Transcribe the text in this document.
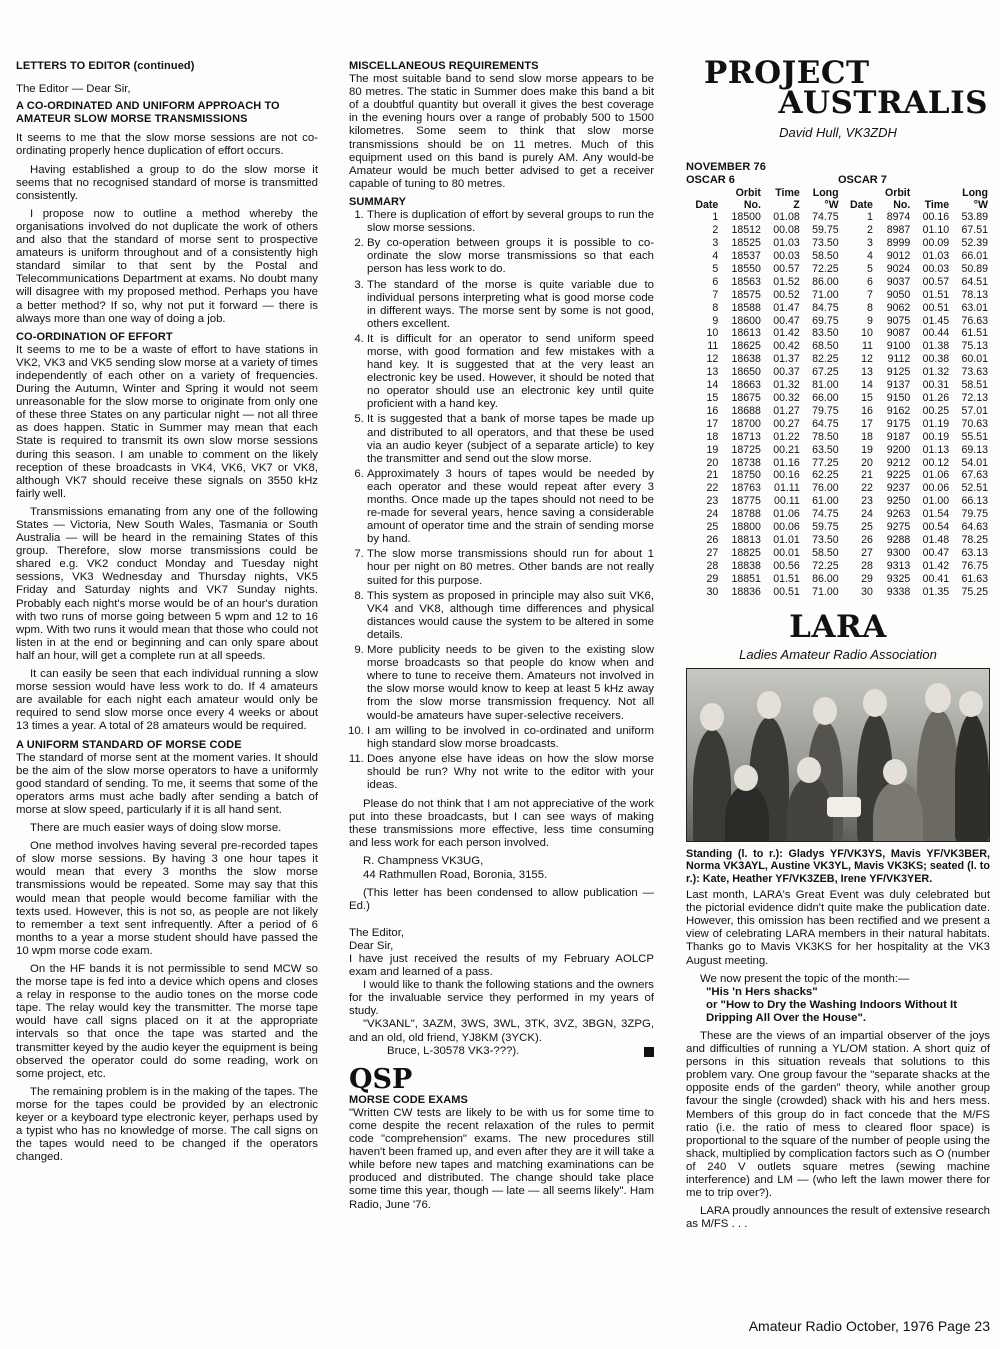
LETTERS TO EDITOR (continued)

The Editor — Dear Sir,

A CO-ORDINATED AND UNIFORM APPROACH TO AMATEUR SLOW MORSE TRANSMISSIONS

It seems to me that the slow morse sessions are not co-ordinating properly hence duplication of effort occurs.

Having established a group to do the slow morse it seems that no recognised standard of morse is transmitted consistently.

I propose now to outline a method whereby the organisations involved do not duplicate the work of others and also that the standard of morse sent to prospective amateurs is uniform throughout and of a consistently high standard similar to that sent by the Postal and Telecommunications Department at exams. No doubt many will disagree with my proposed method. Perhaps you have a better method? If so, why not put it forward — there is always more than one way of doing a job.

CO-ORDINATION OF EFFORT

It seems to me to be a waste of effort to have stations in VK2, VK3 and VK5 sending slow morse at a variety of times independently of each other on a variety of frequencies. During the Autumn, Winter and Spring it would not seem unreasonable for the slow morse to originate from only one of these three States on any particular night — not all three as does happen. Static in Summer may mean that each State is required to transmit its own slow morse sessions during this season. I am unable to comment on the likely reception of these broadcasts in VK4, VK6, VK7 or VK8, although VK7 should receive these signals on 3550 kHz fairly well.

Transmissions emanating from any one of the following States — Victoria, New South Wales, Tasmania or South Australia — will be heard in the remaining States of this group. Therefore, slow morse transmissions could be shared e.g. VK2 conduct Monday and Tuesday night sessions, VK3 Wednesday and Thursday nights, VK5 Friday and Saturday nights and VK7 Sunday nights. Probably each night's morse would be of an hour's duration with two runs of morse going between 5 wpm and 12 to 16 wpm. With two runs it would mean that those who could not listen in at the end or beginning and can only spare about half an hour, will get a complete run at all speeds.

It can easily be seen that each individual running a slow morse session would have less work to do. If 4 amateurs are available for each night each amateur would only be required to send slow morse once every 4 weeks or about 13 times a year. A total of 28 amateurs would be required.

A UNIFORM STANDARD OF MORSE CODE

The standard of morse sent at the moment varies. It should be the aim of the slow morse operators to have a uniformly good standard of sending. To me, it seems that some of the operators arms must ache badly after sending a batch of morse at slow speed, particularly if it is all hand sent.

There are much easier ways of doing slow morse.

One method involves having several pre-recorded tapes of slow morse sessions. By having 3 one hour tapes it would mean that every 3 months the slow morse transmissions would be repeated. Some may say that this would mean that people would become familiar with the texts used. However, this is not so, as people are not likely to remember a text sent infrequently. After a period of 6 months to a year a morse student should have passed the 10 wpm morse code exam.

On the HF bands it is not permissible to send MCW so the morse tape is fed into a device which opens and closes a relay in response to the audio tones on the morse code tape. The relay would key the transmitter. The morse tape would have call signs placed on it at the appropriate intervals so that once the tape was started and the transmitter keyed by the audio keyer the equipment is being observed the operator could do some reading, work on some project, etc.

The remaining problem is in the making of the tapes. The morse for the tapes could be provided by an electronic keyer or a keyboard type electronic keyer, perhaps used by a typist who has no knowledge of morse. The call signs on the tapes would need to be changed if the operators changed.

MISCELLANEOUS REQUIREMENTS

The most suitable band to send slow morse appears to be 80 metres. The static in Summer does make this band a bit of a doubtful quantity but overall it gives the best coverage in the evening hours over a range of probably 500 to 1500 kilometres. Some seem to think that slow morse transmissions should be on 11 metres. Much of this equipment used on this band is purely AM. Any would-be Amateur would be much better advised to get a receiver capable of tuning to 80 metres.

SUMMARY
1. There is duplication of effort by several groups to run the slow morse sessions.
2. By co-operation between groups it is possible to co-ordinate the slow morse transmissions so that each person has less work to do.
3. The standard of the morse is quite variable due to individual persons interpreting what is good morse code in different ways. The morse sent by some is not good, others excellent.
4. It is difficult for an operator to send uniform speed morse, with good formation and few mistakes with a hand key. It is suggested that at the very least an electronic key be used. However, it should be noted that no operator should use an electronic key until quite proficient with a hand key.
5. It is suggested that a bank of morse tapes be made up and distributed to all operators, and that these be used via an audio keyer (subject of a separate article) to key the transmitter and send out the slow morse.
6. Approximately 3 hours of tapes would be needed by each operator and these would repeat after every 3 months. Once made up the tapes should not need to be re-made for several years, hence saving a considerable amount of operator time and the strain of sending morse by hand.
7. The slow morse transmissions should run for about 1 hour per night on 80 metres. Other bands are not really suited for this purpose.
8. This system as proposed in principle may also suit VK6, VK4 and VK8, although time differences and physical distances would cause the system to be altered in some details.
9. More publicity needs to be given to the existing slow morse broadcasts so that people do know when and where to tune to receive them. Amateurs not involved in the slow morse would know to keep at least 5 kHz away from the slow morse transmission frequency. Not all would-be amateurs have super-selective receivers.
10. I am willing to be involved in co-ordinated and uniform high standard slow morse broadcasts.
11. Does anyone else have ideas on how the slow morse should be run? Why not write to the editor with your ideas.

Please do not think that I am not appreciative of the work put into these broadcasts, but I can see ways of making these transmissions more effective, less time consuming and less work for each person involved.

R. Champness VK3UG,

44 Rathmullen Road, Boronia, 3155.

(This letter has been condensed to allow publication — Ed.)

The Editor,

Dear Sir,

I have just received the results of my February AOLCP exam and learned of a pass.

I would like to thank the following stations and the owners for the invaluable service they performed in my years of study.

"VK3ANL", 3AZM, 3WS, 3WL, 3TK, 3VZ, 3BGN, 3ZPG, and an old, old friend, YJ8KM (3YCK).

Bruce, L-30578 VK3-???).

QSP
MORSE CODE EXAMS

"Written CW tests are likely to be with us for some time to come despite the recent relaxation of the rules to permit code "comprehension" exams. The new procedures still haven't been framed up, and even after they are it will take a while before new tapes and matching examinations can be produced and distributed. The change should take place some time this year, though — late — all seems likely". Ham Radio, June '76.

PROJECT
AUSTRALIS
David Hull, VK3ZDH
NOVEMBER 76
OSCAR 6	OSCAR 7
	Orbit	Time	Long		Orbit		Long
Date	No.	Z	°W	Date	No.	Time	°W
1	18500	01.08	74.75	1	8974	00.16	53.89
2	18512	00.08	59.75	2	8987	01.10	67.51
3	18525	01.03	73.50	3	8999	00.09	52.39
4	18537	00.03	58.50	4	9012	01.03	66.01
5	18550	00.57	72.25	5	9024	00.03	50.89
6	18563	01.52	86.00	6	9037	00.57	64.51
7	18575	00.52	71.00	7	9050	01.51	78.13
8	18588	01.47	84.75	8	9062	00.51	63.01
9	18600	00.47	69.75	9	9075	01.45	76.63
10	18613	01.42	83.50	10	9087	00.44	61.51
11	18625	00.42	68.50	11	9100	01.38	75.13
12	18638	01.37	82.25	12	9112	00.38	60.01
13	18650	00.37	67.25	13	9125	01.32	73.63
14	18663	01.32	81.00	14	9137	00.31	58.51
15	18675	00.32	66.00	15	9150	01.26	72.13
16	18688	01.27	79.75	16	9162	00.25	57.01
17	18700	00.27	64.75	17	9175	01.19	70.63
18	18713	01.22	78.50	18	9187	00.19	55.51
19	18725	00.21	63.50	19	9200	01.13	69.13
20	18738	01.16	77.25	20	9212	00.12	54.01
21	18750	00.16	62.25	21	9225	01.06	67.63
22	18763	01.11	76.00	22	9237	00.06	52.51
23	18775	00.11	61.00	23	9250	01.00	66.13
24	18788	01.06	74.75	24	9263	01.54	79.75
25	18800	00.06	59.75	25	9275	00.54	64.63
26	18813	01.01	73.50	26	9288	01.48	78.25
27	18825	00.01	58.50	27	9300	00.47	63.13
28	18838	00.56	72.25	28	9313	01.42	76.75
29	18851	01.51	86.00	29	9325	00.41	61.63
30	18836	00.51	71.00	30	9338	01.35	75.25
LARA
Ladies Amateur Radio Association

Standing (l. to r.): Gladys YF/VK3YS, Mavis YF/VK3BER, Norma VK3AYL, Austine VK3YL, Mavis VK3KS; seated (l. to r.): Kate, Heather YF/VK3ZEB, Irene YF/VK3YER.

Last month, LARA's Great Event was duly celebrated but the pictorial evidence didn't quite make the publication date. However, this omission has been rectified and we present a view of celebrating LARA members in their natural habitats. Thanks go to Mavis VK3KS for her hospitality at the VK3 August meeting.

We now present the topic of the month:—

"His 'n Hers shacks"
or "How to Dry the Washing Indoors Without It Dripping All Over the House".

These are the views of an impartial observer of the joys and difficulties of running a YL/OM station. A short quiz of persons in this situation reveals that solutions to this problem vary. One group favour the "separate shacks at the opposite ends of the garden" theory, while another group favour the single (crowded) shack with his and hers mess. Members of this group do in fact concede that the M/FS ratio (i.e. the ratio of mess to cleared floor space) is proportional to the square of the number of people using the shack, multiplied by complication factors such as O (number of 240 V outlets square metres (sewing machine interference) and LM — (who left the lawn mower there for me to trip over?).

LARA proudly announces the result of extensive research as M/FS . . .

Amateur Radio October, 1976 Page 23
